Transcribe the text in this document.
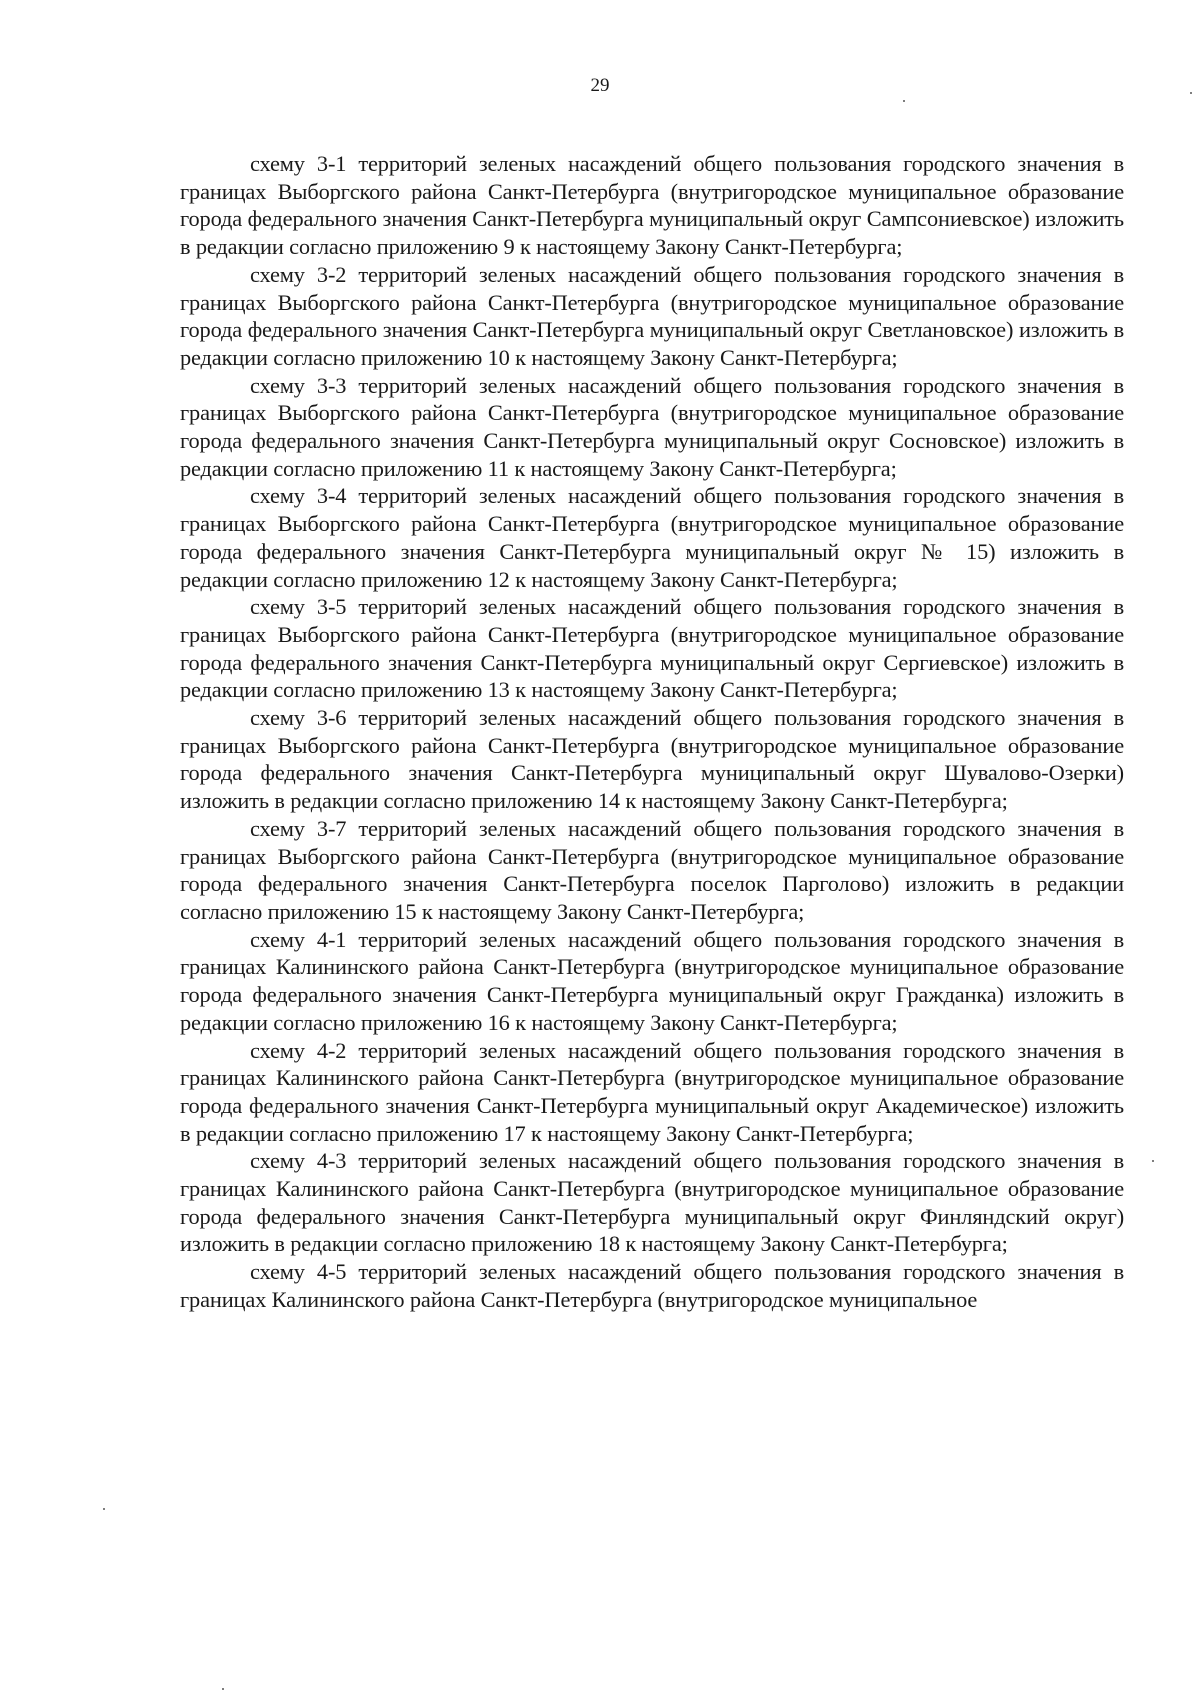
29

схему 3-1 территорий зеленых насаждений общего пользования городского значения в границах Выборгского района Санкт-Петербурга (внутригородское муниципальное образование города федерального значения Санкт-Петербурга муниципальный округ Сампсониевское) изложить в редакции согласно приложению 9 к настоящему Закону Санкт-Петербурга;

схему 3-2 территорий зеленых насаждений общего пользования городского значения в границах Выборгского района Санкт-Петербурга (внутригородское муниципальное образование города федерального значения Санкт-Петербурга муниципальный округ Светлановское) изложить в редакции согласно приложению 10 к настоящему Закону Санкт-Петербурга;

схему 3-3 территорий зеленых насаждений общего пользования городского значения в границах Выборгского района Санкт-Петербурга (внутригородское муниципальное образование города федерального значения Санкт-Петербурга муниципальный округ Сосновское) изложить в редакции согласно приложению 11 к настоящему Закону Санкт-Петербурга;

схему 3-4 территорий зеленых насаждений общего пользования городского значения в границах Выборгского района Санкт-Петербурга (внутригородское муниципальное образование города федерального значения Санкт-Петербурга муниципальный округ № 15) изложить в редакции согласно приложению 12 к настоящему Закону Санкт-Петербурга;

схему 3-5 территорий зеленых насаждений общего пользования городского значения в границах Выборгского района Санкт-Петербурга (внутригородское муниципальное образование города федерального значения Санкт-Петербурга муниципальный округ Сергиевское) изложить в редакции согласно приложению 13 к настоящему Закону Санкт-Петербурга;

схему 3-6 территорий зеленых насаждений общего пользования городского значения в границах Выборгского района Санкт-Петербурга (внутригородское муниципальное образование города федерального значения Санкт-Петербурга муниципальный округ Шувалово-Озерки) изложить в редакции согласно приложению 14 к настоящему Закону Санкт-Петербурга;

схему 3-7 территорий зеленых насаждений общего пользования городского значения в границах Выборгского района Санкт-Петербурга (внутригородское муниципальное образование города федерального значения Санкт-Петербурга поселок Парголово) изложить в редакции согласно приложению 15 к настоящему Закону Санкт-Петербурга;

схему 4-1 территорий зеленых насаждений общего пользования городского значения в границах Калининского района Санкт-Петербурга (внутригородское муниципальное образование города федерального значения Санкт-Петербурга муниципальный округ Гражданка) изложить в редакции согласно приложению 16 к настоящему Закону Санкт-Петербурга;

схему 4-2 территорий зеленых насаждений общего пользования городского значения в границах Калининского района Санкт-Петербурга (внутригородское муниципальное образование города федерального значения Санкт-Петербурга муниципальный округ Академическое) изложить в редакции согласно приложению 17 к настоящему Закону Санкт-Петербурга;

схему 4-3 территорий зеленых насаждений общего пользования городского значения в границах Калининского района Санкт-Петербурга (внутригородское муниципальное образование города федерального значения Санкт-Петербурга муниципальный округ Финляндский округ) изложить в редакции согласно приложению 18 к настоящему Закону Санкт-Петербурга;

схему 4-5 территорий зеленых насаждений общего пользования городского значения в границах Калининского района Санкт-Петербурга (внутригородское муниципальное
